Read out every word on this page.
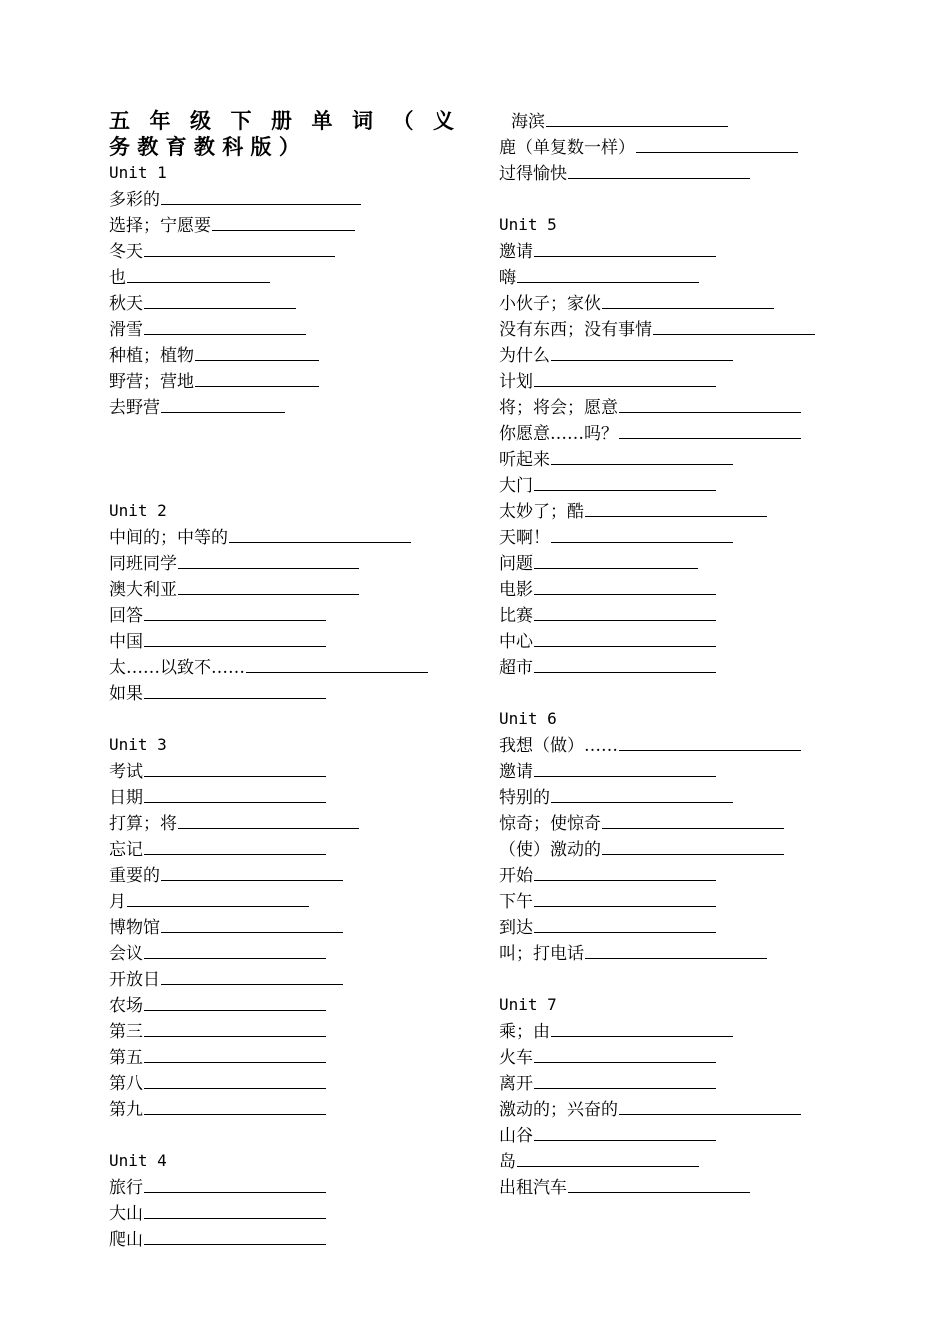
五 年 级 下 册 单 词 （ 义
务 教 育 教 科 版 ）
Unit 1
多彩的
选择；宁愿要
冬天
也
秋天
滑雪
种植；植物
野营；营地
去野营
Unit 2
中间的；中等的
同班同学
澳大利亚
回答
中国
太……以致不……
如果
Unit 3
考试
日期
打算；将
忘记
重要的
月
博物馆
会议
开放日
农场
第三
第五
第八
第九
Unit 4
旅行
大山
爬山
海滨
鹿（单复数一样）
过得愉快
Unit 5
邀请
嗨
小伙子；家伙
没有东西；没有事情
为什么
计划
将；将会；愿意
你愿意……吗？
听起来
大门
太妙了；酷
天啊！
问题
电影
比赛
中心
超市
Unit 6
我想（做）……
邀请
特别的
惊奇；使惊奇
（使）激动的
开始
下午
到达
叫；打电话
Unit 7
乘；由
火车
离开
激动的；兴奋的
山谷
岛
出租汽车
